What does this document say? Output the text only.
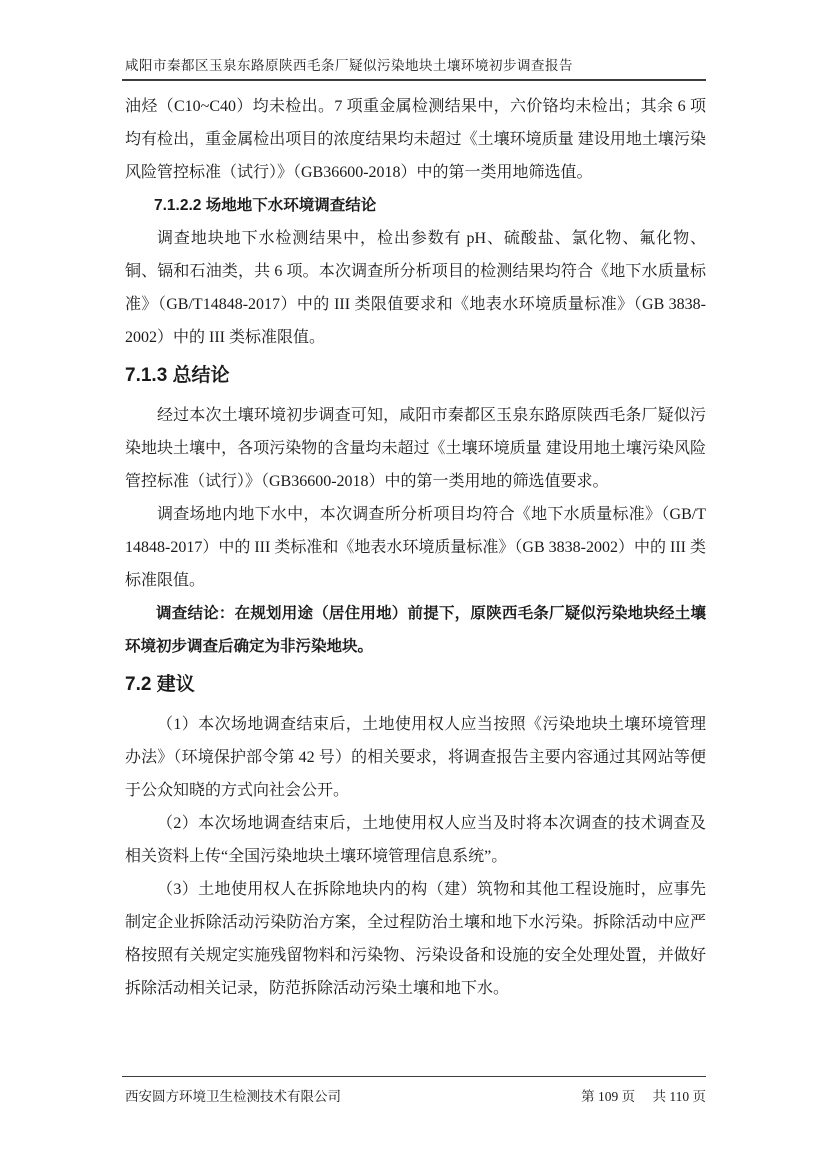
咸阳市秦都区玉泉东路原陕西毛条厂疑似污染地块土壤环境初步调查报告

油烃（C10~C40）均未检出。7 项重金属检测结果中，六价铬均未检出；其余 6 项均有检出，重金属检出项目的浓度结果均未超过《土壤环境质量 建设用地土壤污染风险管控标准（试行）》（GB36600-2018）中的第一类用地筛选值。

7.1.2.2 场地地下水环境调查结论

调查地块地下水检测结果中，检出参数有 pH、硫酸盐、氯化物、氟化物、铜、镉和石油类，共 6 项。本次调查所分析项目的检测结果均符合《地下水质量标准》（GB/T14848-2017）中的 III 类限值要求和《地表水环境质量标准》（GB 3838-2002）中的 III 类标准限值。

7.1.3 总结论

经过本次土壤环境初步调查可知，咸阳市秦都区玉泉东路原陕西毛条厂疑似污染地块土壤中，各项污染物的含量均未超过《土壤环境质量 建设用地土壤污染风险管控标准（试行）》（GB36600-2018）中的第一类用地的筛选值要求。

调查场地内地下水中，本次调查所分析项目均符合《地下水质量标准》（GB/T 14848-2017）中的 III 类标准和《地表水环境质量标准》（GB 3838-2002）中的 III 类标准限值。

调查结论：在规划用途（居住用地）前提下，原陕西毛条厂疑似污染地块经土壤环境初步调查后确定为非污染地块。

7.2 建议

（1）本次场地调查结束后，土地使用权人应当按照《污染地块土壤环境管理办法》（环境保护部令第 42 号）的相关要求，将调查报告主要内容通过其网站等便于公众知晓的方式向社会公开。

（2）本次场地调查结束后，土地使用权人应当及时将本次调查的技术调查及相关资料上传“全国污染地块土壤环境管理信息系统”。

（3）土地使用权人在拆除地块内的构（建）筑物和其他工程设施时，应事先制定企业拆除活动污染防治方案，全过程防治土壤和地下水污染。拆除活动中应严格按照有关规定实施残留物料和污染物、污染设备和设施的安全处理处置，并做好拆除活动相关记录，防范拆除活动污染土壤和地下水。

西安圆方环境卫生检测技术有限公司	第 109 页 共 110 页
